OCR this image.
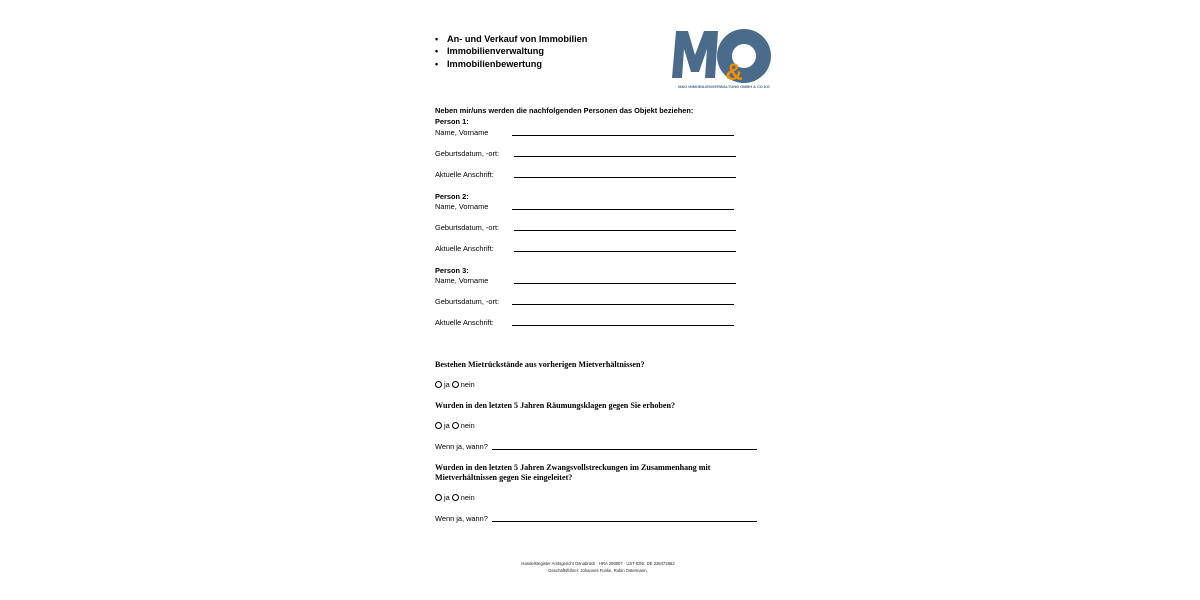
• An- und Verkauf von Immobilien
• Immobilienverwaltung
• Immobilienbewertung	&
M&O IMMOBILIENVERWALTUNG GMBH & CO.KG
Neben mir/uns werden die nachfolgenden Personen das Objekt beziehen:
Person 1:
Name, Vorname
Geburtsdatum, -ort:
Aktuelle Anschrift:
Person 2:
Name, Vorname
Geburtsdatum, -ort:
Aktuelle Anschrift:
Person 3:
Name, Vorname
Geburtsdatum, -ort:
Aktuelle Anschrift:
Bestehen Mietrückstände aus vorherigen Mietverhältnissen?
ja nein
Wurden in den letzten 5 Jahren Räumungsklagen gegen Sie erhoben?
ja nein
Wenn ja, wann?
Wurden in den letzten 5 Jahren Zwangsvollstreckungen im Zusammenhang mit Mietverhältnissen gegen Sie eingeleitet?
ja nein
Wenn ja, wann?
Handelsregister Amtsgericht Osnabrück · HRA 206807 · UST-IDNr. DE 328472863
Geschäftsführer: Johannes Funke, Robin Ostermann,
